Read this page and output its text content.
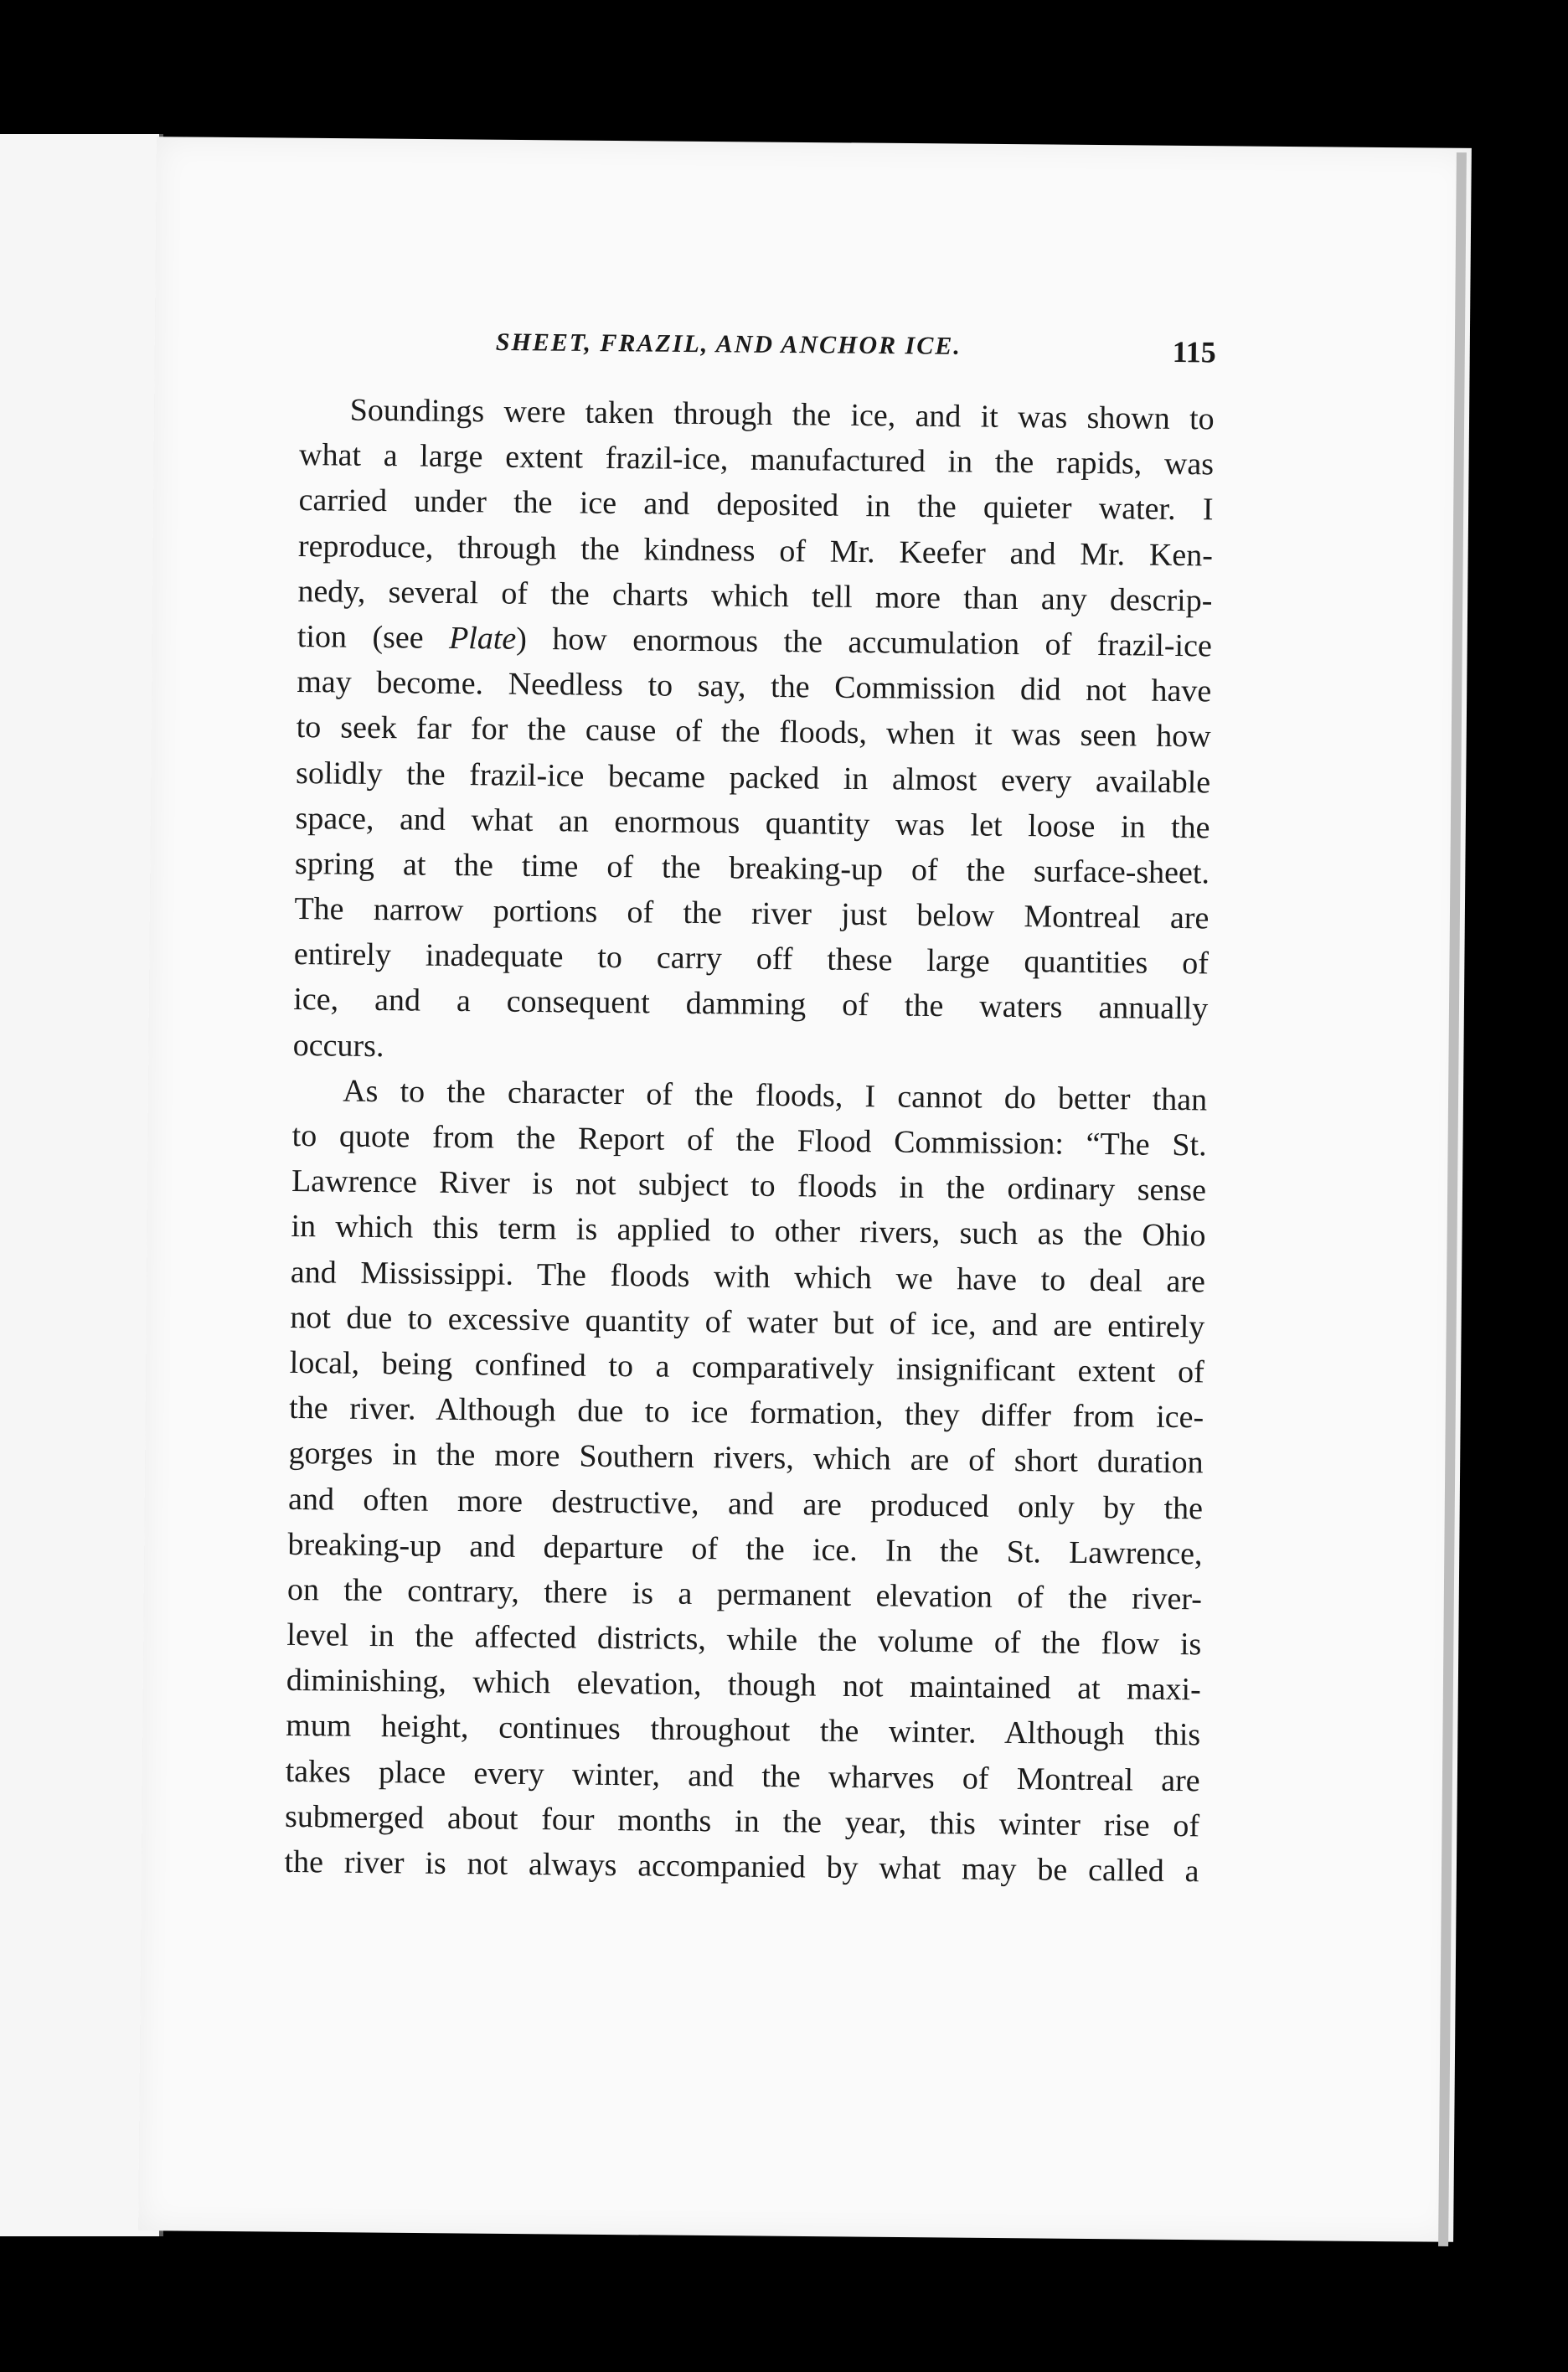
SHEET, FRAZIL, AND ANCHOR ICE.	115
Soundings were taken through the ice, and it was shown to
what a large extent frazil-ice, manufactured in the rapids, was
carried under the ice and deposited in the quieter water. I
reproduce, through the kindness of Mr. Keefer and Mr. Ken-
nedy, several of the charts which tell more than any descrip-
tion (see Plate) how enormous the accumulation of frazil-ice
may become. Needless to say, the Commission did not have
to seek far for the cause of the floods, when it was seen how
solidly the frazil-ice became packed in almost every available
space, and what an enormous quantity was let loose in the
spring at the time of the breaking-up of the surface-sheet.
The narrow portions of the river just below Montreal are
entirely inadequate to carry off these large quantities of
ice, and a consequent damming of the waters annually
occurs.
As to the character of the floods, I cannot do better than
to quote from the Report of the Flood Commission: “The St.
Lawrence River is not subject to floods in the ordinary sense
in which this term is applied to other rivers, such as the Ohio
and Mississippi. The floods with which we have to deal are
not due to excessive quantity of water but of ice, and are entirely
local, being confined to a comparatively insignificant extent of
the river. Although due to ice formation, they differ from ice-
gorges in the more Southern rivers, which are of short duration
and often more destructive, and are produced only by the
breaking-up and departure of the ice. In the St. Lawrence,
on the contrary, there is a permanent elevation of the river-
level in the affected districts, while the volume of the flow is
diminishing, which elevation, though not maintained at maxi-
mum height, continues throughout the winter. Although this
takes place every winter, and the wharves of Montreal are
submerged about four months in the year, this winter rise of
the river is not always accompanied by what may be called a
